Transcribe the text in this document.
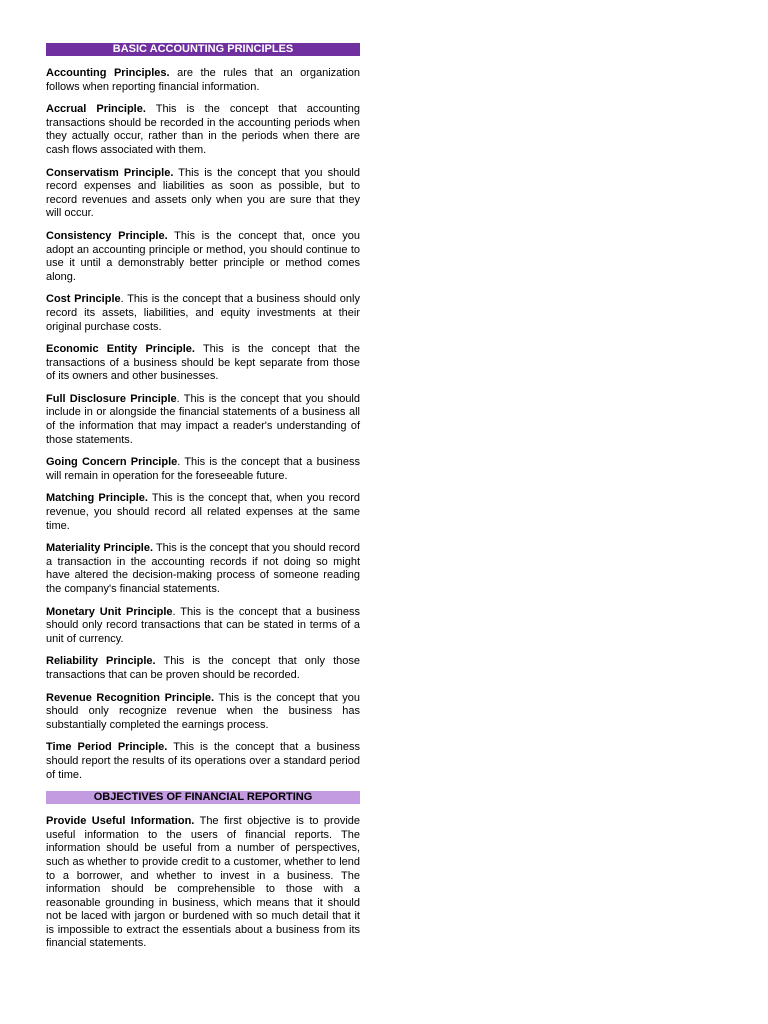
BASIC ACCOUNTING PRINCIPLES

Accounting Principles. are the rules that an organization follows when reporting financial information.

Accrual Principle. This is the concept that accounting transactions should be recorded in the accounting periods when they actually occur, rather than in the periods when there are cash flows associated with them.

Conservatism Principle. This is the concept that you should record expenses and liabilities as soon as possible, but to record revenues and assets only when you are sure that they will occur.

Consistency Principle. This is the concept that, once you adopt an accounting principle or method, you should continue to use it until a demonstrably better principle or method comes along.

Cost Principle. This is the concept that a business should only record its assets, liabilities, and equity investments at their original purchase costs.

Economic Entity Principle. This is the concept that the transactions of a business should be kept separate from those of its owners and other businesses.

Full Disclosure Principle. This is the concept that you should include in or alongside the financial statements of a business all of the information that may impact a reader's understanding of those statements.

Going Concern Principle. This is the concept that a business will remain in operation for the foreseeable future.

Matching Principle. This is the concept that, when you record revenue, you should record all related expenses at the same time.

Materiality Principle. This is the concept that you should record a transaction in the accounting records if not doing so might have altered the decision-making process of someone reading the company's financial statements.

Monetary Unit Principle. This is the concept that a business should only record transactions that can be stated in terms of a unit of currency.

Reliability Principle. This is the concept that only those transactions that can be proven should be recorded.

Revenue Recognition Principle. This is the concept that you should only recognize revenue when the business has substantially completed the earnings process.

Time Period Principle. This is the concept that a business should report the results of its operations over a standard period of time.

OBJECTIVES OF FINANCIAL REPORTING

Provide Useful Information. The first objective is to provide useful information to the users of financial reports. The information should be useful from a number of perspectives, such as whether to provide credit to a customer, whether to lend to a borrower, and whether to invest in a business. The information should be comprehensible to those with a reasonable grounding in business, which means that it should not be laced with jargon or burdened with so much detail that it is impossible to extract the essentials about a business from its financial statements.
